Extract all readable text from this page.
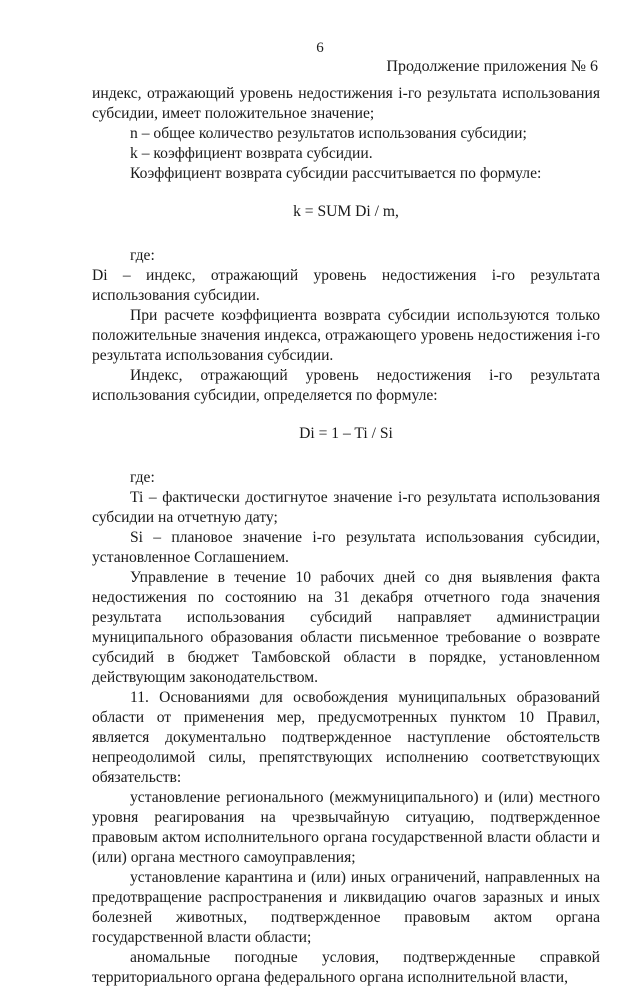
6
Продолжение приложения № 6

индекс, отражающий уровень недостижения i-го результата использования субсидии, имеет положительное значение;

n – общее количество результатов использования субсидии;

k – коэффициент возврата субсидии.

Коэффициент возврата субсидии рассчитывается по формуле:

k = SUM Di / m,

где:

Di – индекс, отражающий уровень недостижения i-го результата использования субсидии.

При расчете коэффициента возврата субсидии используются только положительные значения индекса, отражающего уровень недостижения i-го результата использования субсидии.

Индекс, отражающий уровень недостижения i-го результата использования субсидии, определяется по формуле:

Di = 1 – Ti / Si

где:

Ti – фактически достигнутое значение i-го результата использования субсидии на отчетную дату;

Si – плановое значение i-го результата использования субсидии, установленное Соглашением.

Управление в течение 10 рабочих дней со дня выявления факта недостижения по состоянию на 31 декабря отчетного года значения результата использования субсидий направляет администрации муниципального образования области письменное требование о возврате субсидий в бюджет Тамбовской области в порядке, установленном действующим законодательством.

11. Основаниями для освобождения муниципальных образований области от применения мер, предусмотренных пунктом 10 Правил, является документально подтвержденное наступление обстоятельств непреодолимой силы, препятствующих исполнению соответствующих обязательств:

установление регионального (межмуниципального) и (или) местного уровня реагирования на чрезвычайную ситуацию, подтвержденное правовым актом исполнительного органа государственной власти области и (или) органа местного самоуправления;

установление карантина и (или) иных ограничений, направленных на предотвращение распространения и ликвидацию очагов заразных и иных болезней животных, подтвержденное правовым актом органа государственной власти области;

аномальные погодные условия, подтвержденные справкой территориального органа федерального органа исполнительной власти,
